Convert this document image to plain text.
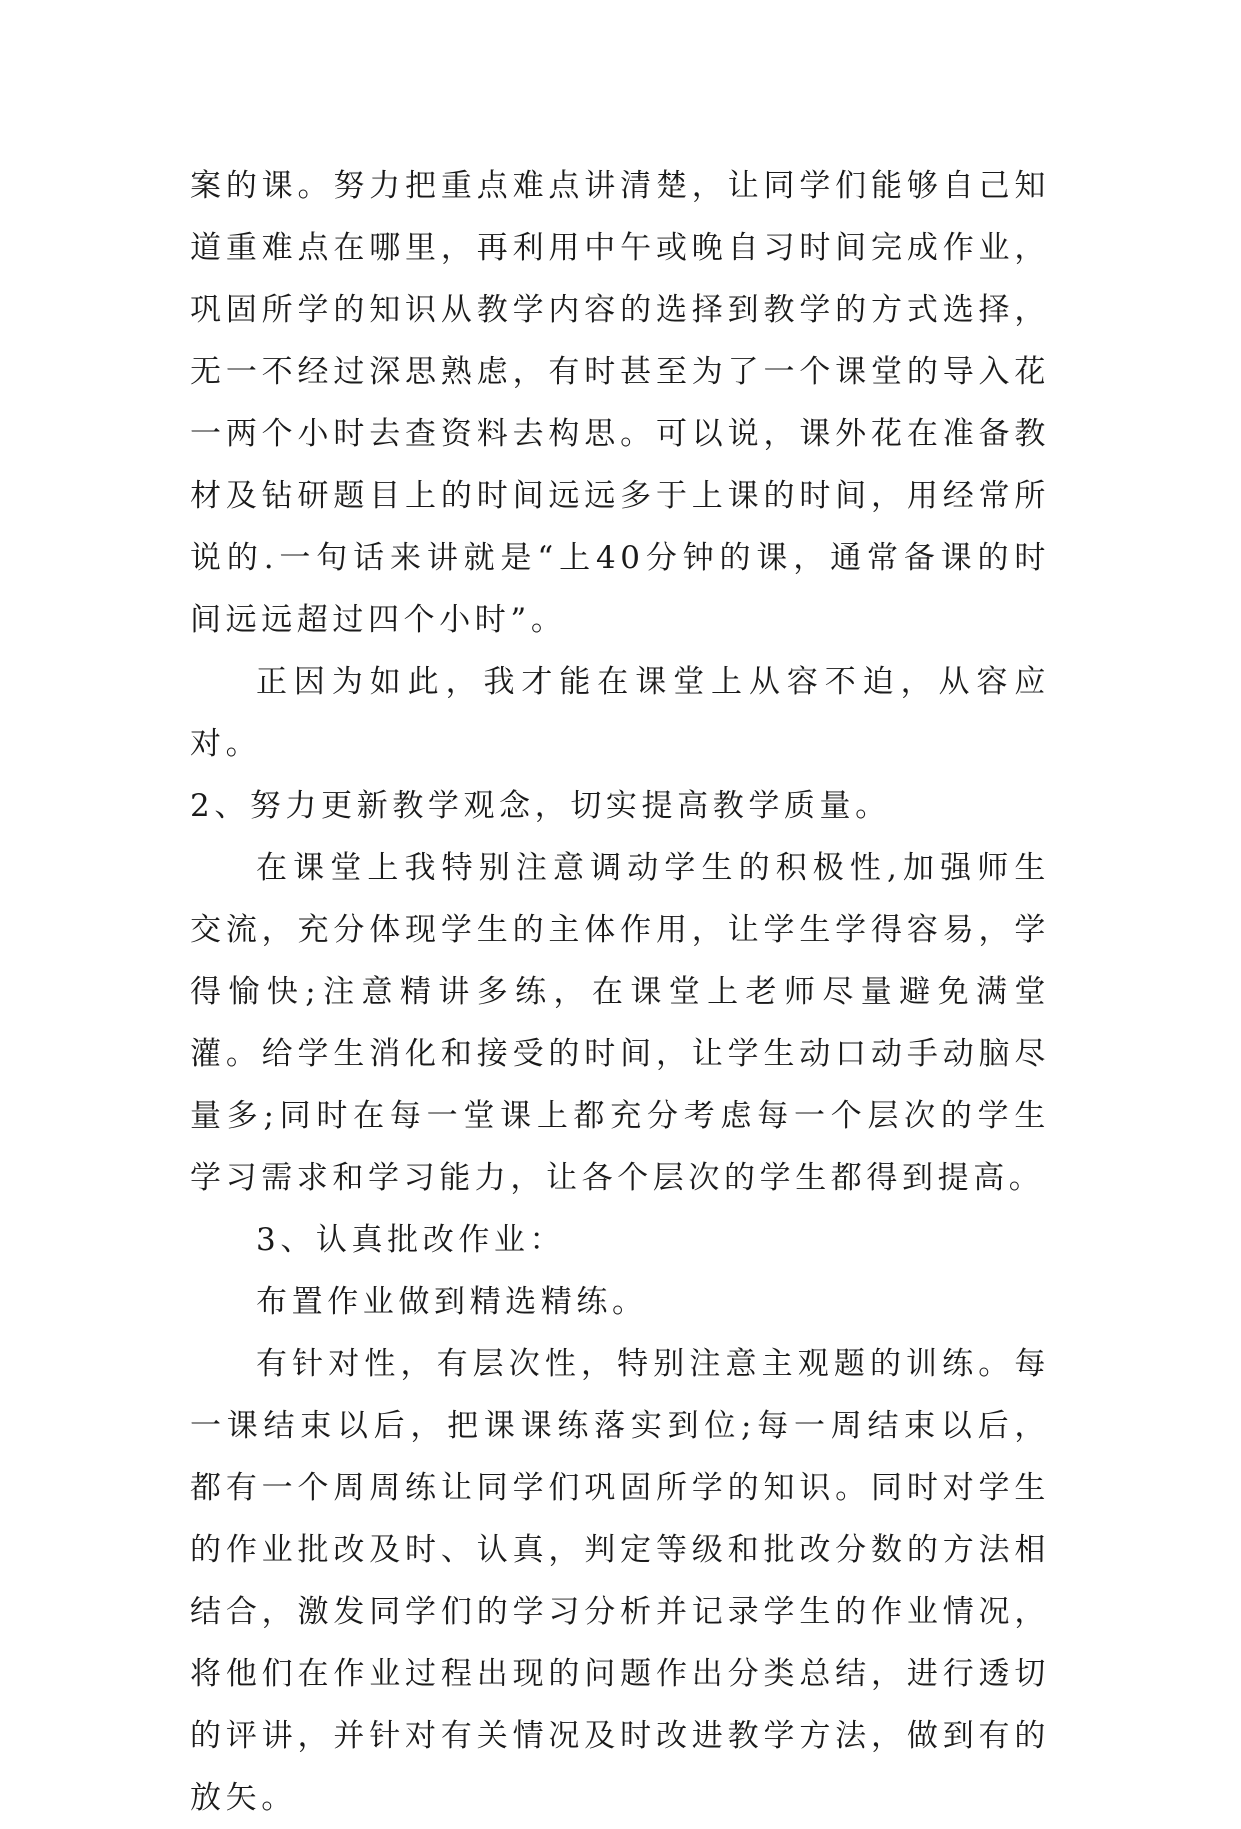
案的课。努力把重点难点讲清楚，让同学们能够自己知道重难点在哪里，再利用中午或晚自习时间完成作业，巩固所学的知识从教学内容的选择到教学的方式选择，无一不经过深思熟虑，有时甚至为了一个课堂的导入花一两个小时去查资料去构思。可以说，课外花在准备教材及钻研题目上的时间远远多于上课的时间，用经常所说的.一句话来讲就是“上40分钟的课，通常备课的时间远远超过四个小时”。

正因为如此，我才能在课堂上从容不迫，从容应对。

2、努力更新教学观念，切实提高教学质量。

在课堂上我特别注意调动学生的积极性,加强师生交流，充分体现学生的主体作用，让学生学得容易，学得愉快;注意精讲多练，在课堂上老师尽量避免满堂灌。给学生消化和接受的时间，让学生动口动手动脑尽量多;同时在每一堂课上都充分考虑每一个层次的学生学习需求和学习能力，让各个层次的学生都得到提高。

3、认真批改作业：

布置作业做到精选精练。

有针对性，有层次性，特别注意主观题的训练。每一课结束以后，把课课练落实到位;每一周结束以后，都有一个周周练让同学们巩固所学的知识。同时对学生的作业批改及时、认真，判定等级和批改分数的方法相结合，激发同学们的学习分析并记录学生的作业情况，将他们在作业过程出现的问题作出分类总结，进行透切的评讲，并针对有关情况及时改进教学方法，做到有的放矢。
